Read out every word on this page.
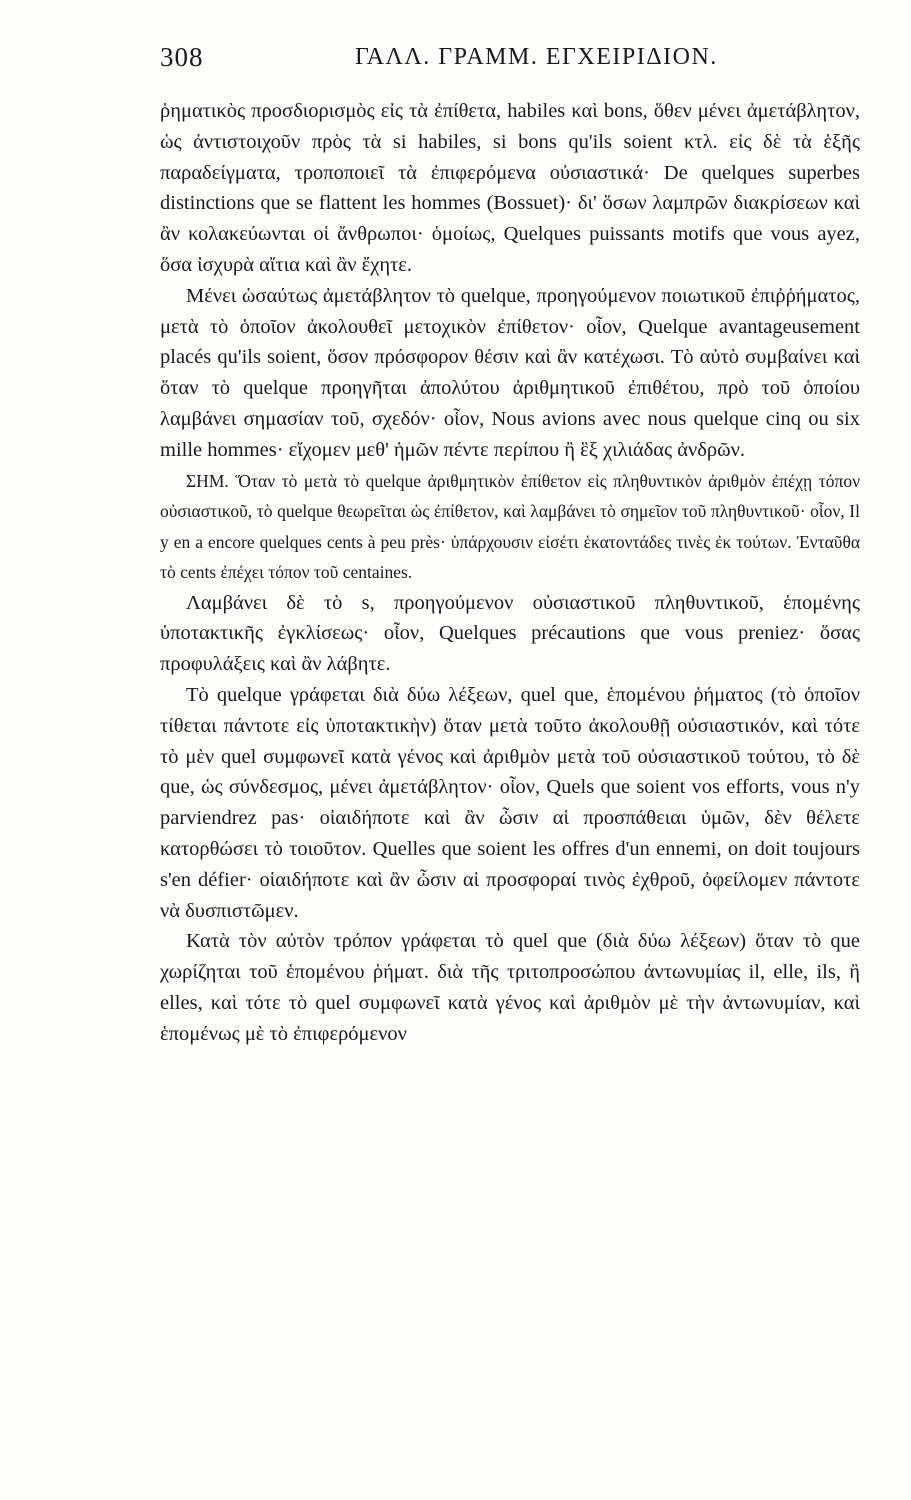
308	ΓΑΛΛ. ΓΡΑΜΜ. ΕΓΧΕΙΡΙΔΙΟΝ.

ῥηματικὸς προσδιορισμὸς εἰς τὰ ἐπίθετα, habiles καὶ bons, ὅθεν μένει ἀμετάβλητον, ὡς ἀντιστοιχοῦν πρὸς τὰ si habiles, si bons qu'ils soient κτλ. εἰς δὲ τὰ ἑξῆς παραδείγματα, τροποποιεῖ τὰ ἐπιφερόμενα οὐσιαστικά· De quelques superbes distinctions que se flattent les hommes (Bossuet)· δι' ὅσων λαμπρῶν διακρίσεων καὶ ἂν κολακεύωνται οἱ ἄνθρωποι· ὁμοίως, Quelques puissants motifs que vous ayez, ὅσα ἰσχυρὰ αἴτια καὶ ἂν ἔχητε.

Μένει ὡσαύτως ἀμετάβλητον τὸ quelque, προηγούμενον ποιωτικοῦ ἐπιῤῥήματος, μετὰ τὸ ὁποῖον ἀκολουθεῖ μετοχικὸν ἐπίθετον· οἷον, Quelque avantageusement placés qu'ils soient, ὅσον πρόσφορον θέσιν καὶ ἂν κατέχωσι. Τὸ αὐτὸ συμβαίνει καὶ ὅταν τὸ quelque προηγῆται ἀπολύτου ἀριθμητικοῦ ἐπιθέτου, πρὸ τοῦ ὁποίου λαμβάνει σημασίαν τοῦ, σχεδόν· οἷον, Nous avions avec nous quelque cinq ou six mille hommes· εἴχομεν μεθ' ἡμῶν πέντε περίπου ἢ ἓξ χιλιάδας ἀνδρῶν.

ΣΗΜ. Ὅταν τὸ μετὰ τὸ quelque ἀριθμητικὸν ἐπίθετον εἰς πληθυντικὸν ἀριθμὸν ἐπέχῃ τόπον οὐσιαστικοῦ, τὸ quelque θεωρεῖται ὡς ἐπίθετον, καὶ λαμβάνει τὸ σημεῖον τοῦ πληθυντικοῦ· οἷον, Il y en a encore quelques cents à peu près· ὑπάρχουσιν εἰσέτι ἑκατοντάδες τινὲς ἐκ τούτων. Ἐνταῦθα τὸ cents ἐπέχει τόπον τοῦ centaines.

Λαμβάνει δὲ τὸ s, προηγούμενον οὐσιαστικοῦ πληθυντικοῦ, ἑπομένης ὑποτακτικῆς ἐγκλίσεως· οἷον, Quelques précautions que vous preniez· ὅσας προφυλάξεις καὶ ἂν λάβητε.

Τὸ quelque γράφεται διὰ δύω λέξεων, quel que, ἑπομένου ῥήματος (τὸ ὁποῖον τίθεται πάντοτε εἰς ὑποτακτικὴν) ὅταν μετὰ τοῦτο ἀκολουθῇ οὐσιαστικόν, καὶ τότε τὸ μὲν quel συμφωνεῖ κατὰ γένος καὶ ἀριθμὸν μετὰ τοῦ οὐσιαστικοῦ τούτου, τὸ δὲ que, ὡς σύνδεσμος, μένει ἀμετάβλητον· οἷον, Quels que soient vos efforts, vous n'y parviendrez pas· οἱαιδήποτε καὶ ἂν ὦσιν αἱ προσπάθειαι ὑμῶν, δὲν θέλετε κατορθώσει τὸ τοιοῦτον. Quelles que soient les offres d'un ennemi, on doit toujours s'en défier· οἱαιδήποτε καὶ ἂν ὦσιν αἱ προσφοραί τινὸς ἐχθροῦ, ὀφείλομεν πάντοτε νὰ δυσπιστῶμεν.

Κατὰ τὸν αὐτὸν τρόπον γράφεται τὸ quel que (διὰ δύω λέξεων) ὅταν τὸ que χωρίζηται τοῦ ἑπομένου ῥήματ. διὰ τῆς τριτοπροσώπου ἀντωνυμίας il, elle, ils, ἢ elles, καὶ τότε τὸ quel συμφωνεῖ κατὰ γένος καὶ ἀριθμὸν μὲ τὴν ἀντωνυμίαν, καὶ ἑπομένως μὲ τὸ ἐπιφερόμενον
